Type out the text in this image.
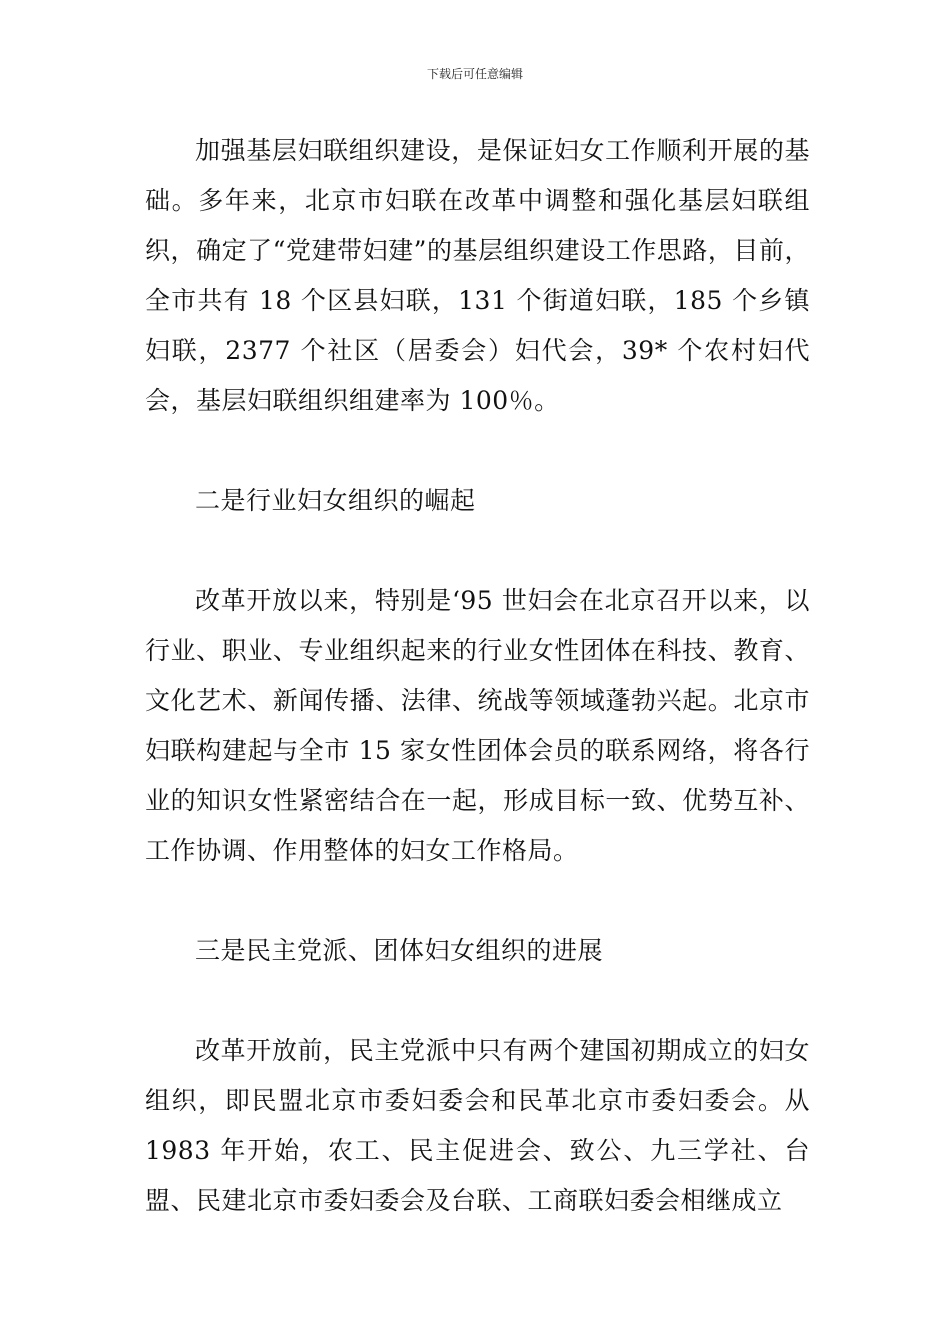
下载后可任意编辑

加强基层妇联组织建设，是保证妇女工作顺利开展的基础。多年来，北京市妇联在改革中调整和强化基层妇联组织，确定了“党建带妇建”的基层组织建设工作思路，目前，全市共有 18 个区县妇联，131 个街道妇联，185 个乡镇妇联，2377 个社区（居委会）妇代会，39* 个农村妇代会，基层妇联组织组建率为 100％。

二是行业妇女组织的崛起

改革开放以来，特别是‘95 世妇会在北京召开以来，以行业、职业、专业组织起来的行业女性团体在科技、教育、文化艺术、新闻传播、法律、统战等领域蓬勃兴起。北京市妇联构建起与全市 15 家女性团体会员的联系网络，将各行业的知识女性紧密结合在一起，形成目标一致、优势互补、工作协调、作用整体的妇女工作格局。

三是民主党派、团体妇女组织的进展

改革开放前，民主党派中只有两个建国初期成立的妇女组织，即民盟北京市委妇委会和民革北京市委妇委会。从 1983 年开始，农工、民主促进会、致公、九三学社、台盟、民建北京市委妇委会及台联、工商联妇委会相继成立
